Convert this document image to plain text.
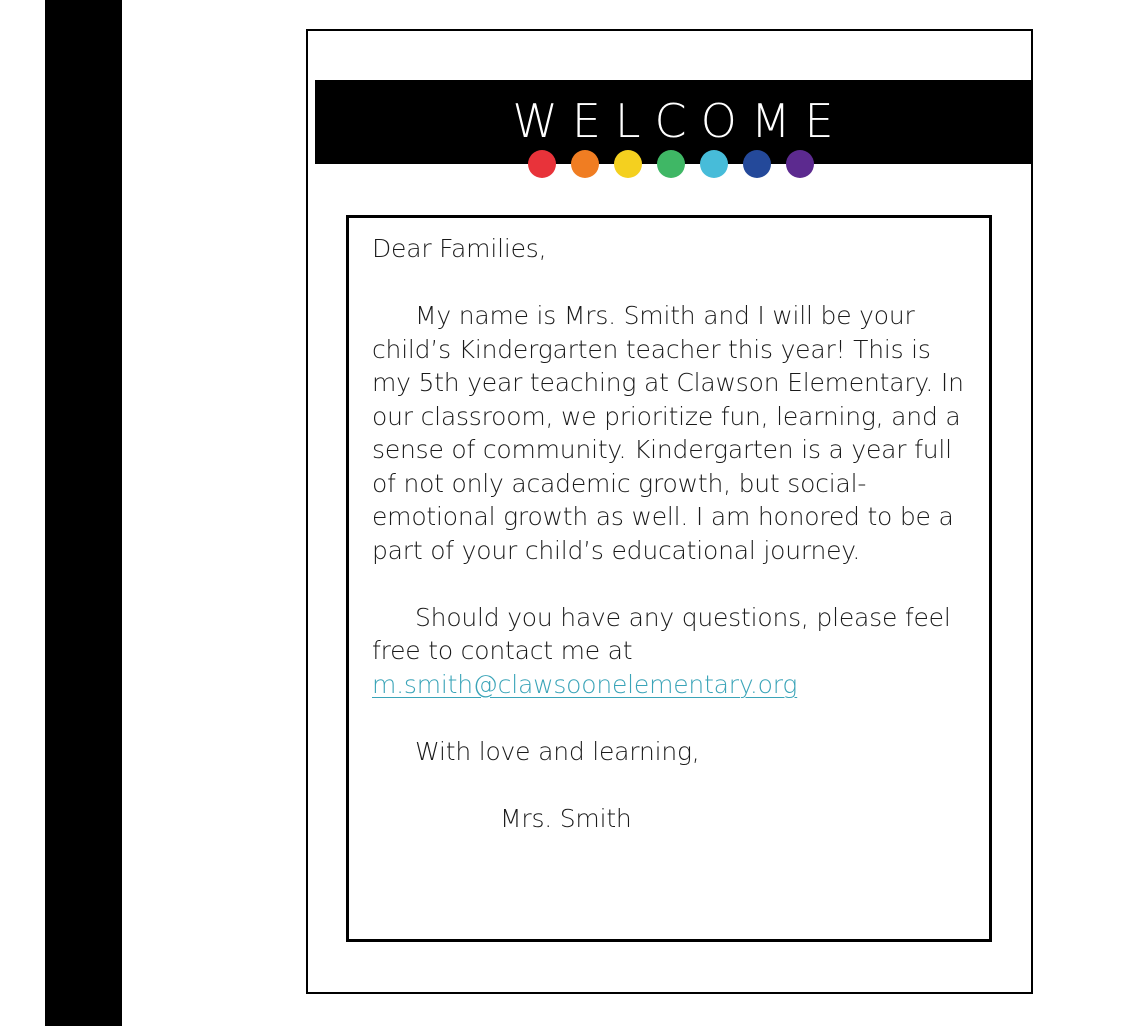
WELCOME

Dear Families,

My name is Mrs. Smith and I will be your child’s Kindergarten teacher this year! This is my 5th year teaching at Clawson Elementary. In our classroom, we prioritize fun, learning, and a sense of community. Kindergarten is a year full of not only academic growth, but social-emotional growth as well. I am honored to be a part of your child’s educational journey.

Should you have any questions, please feel free to contact me at
m.smith@clawsoonelementary.org

With love and learning,

Mrs. Smith
